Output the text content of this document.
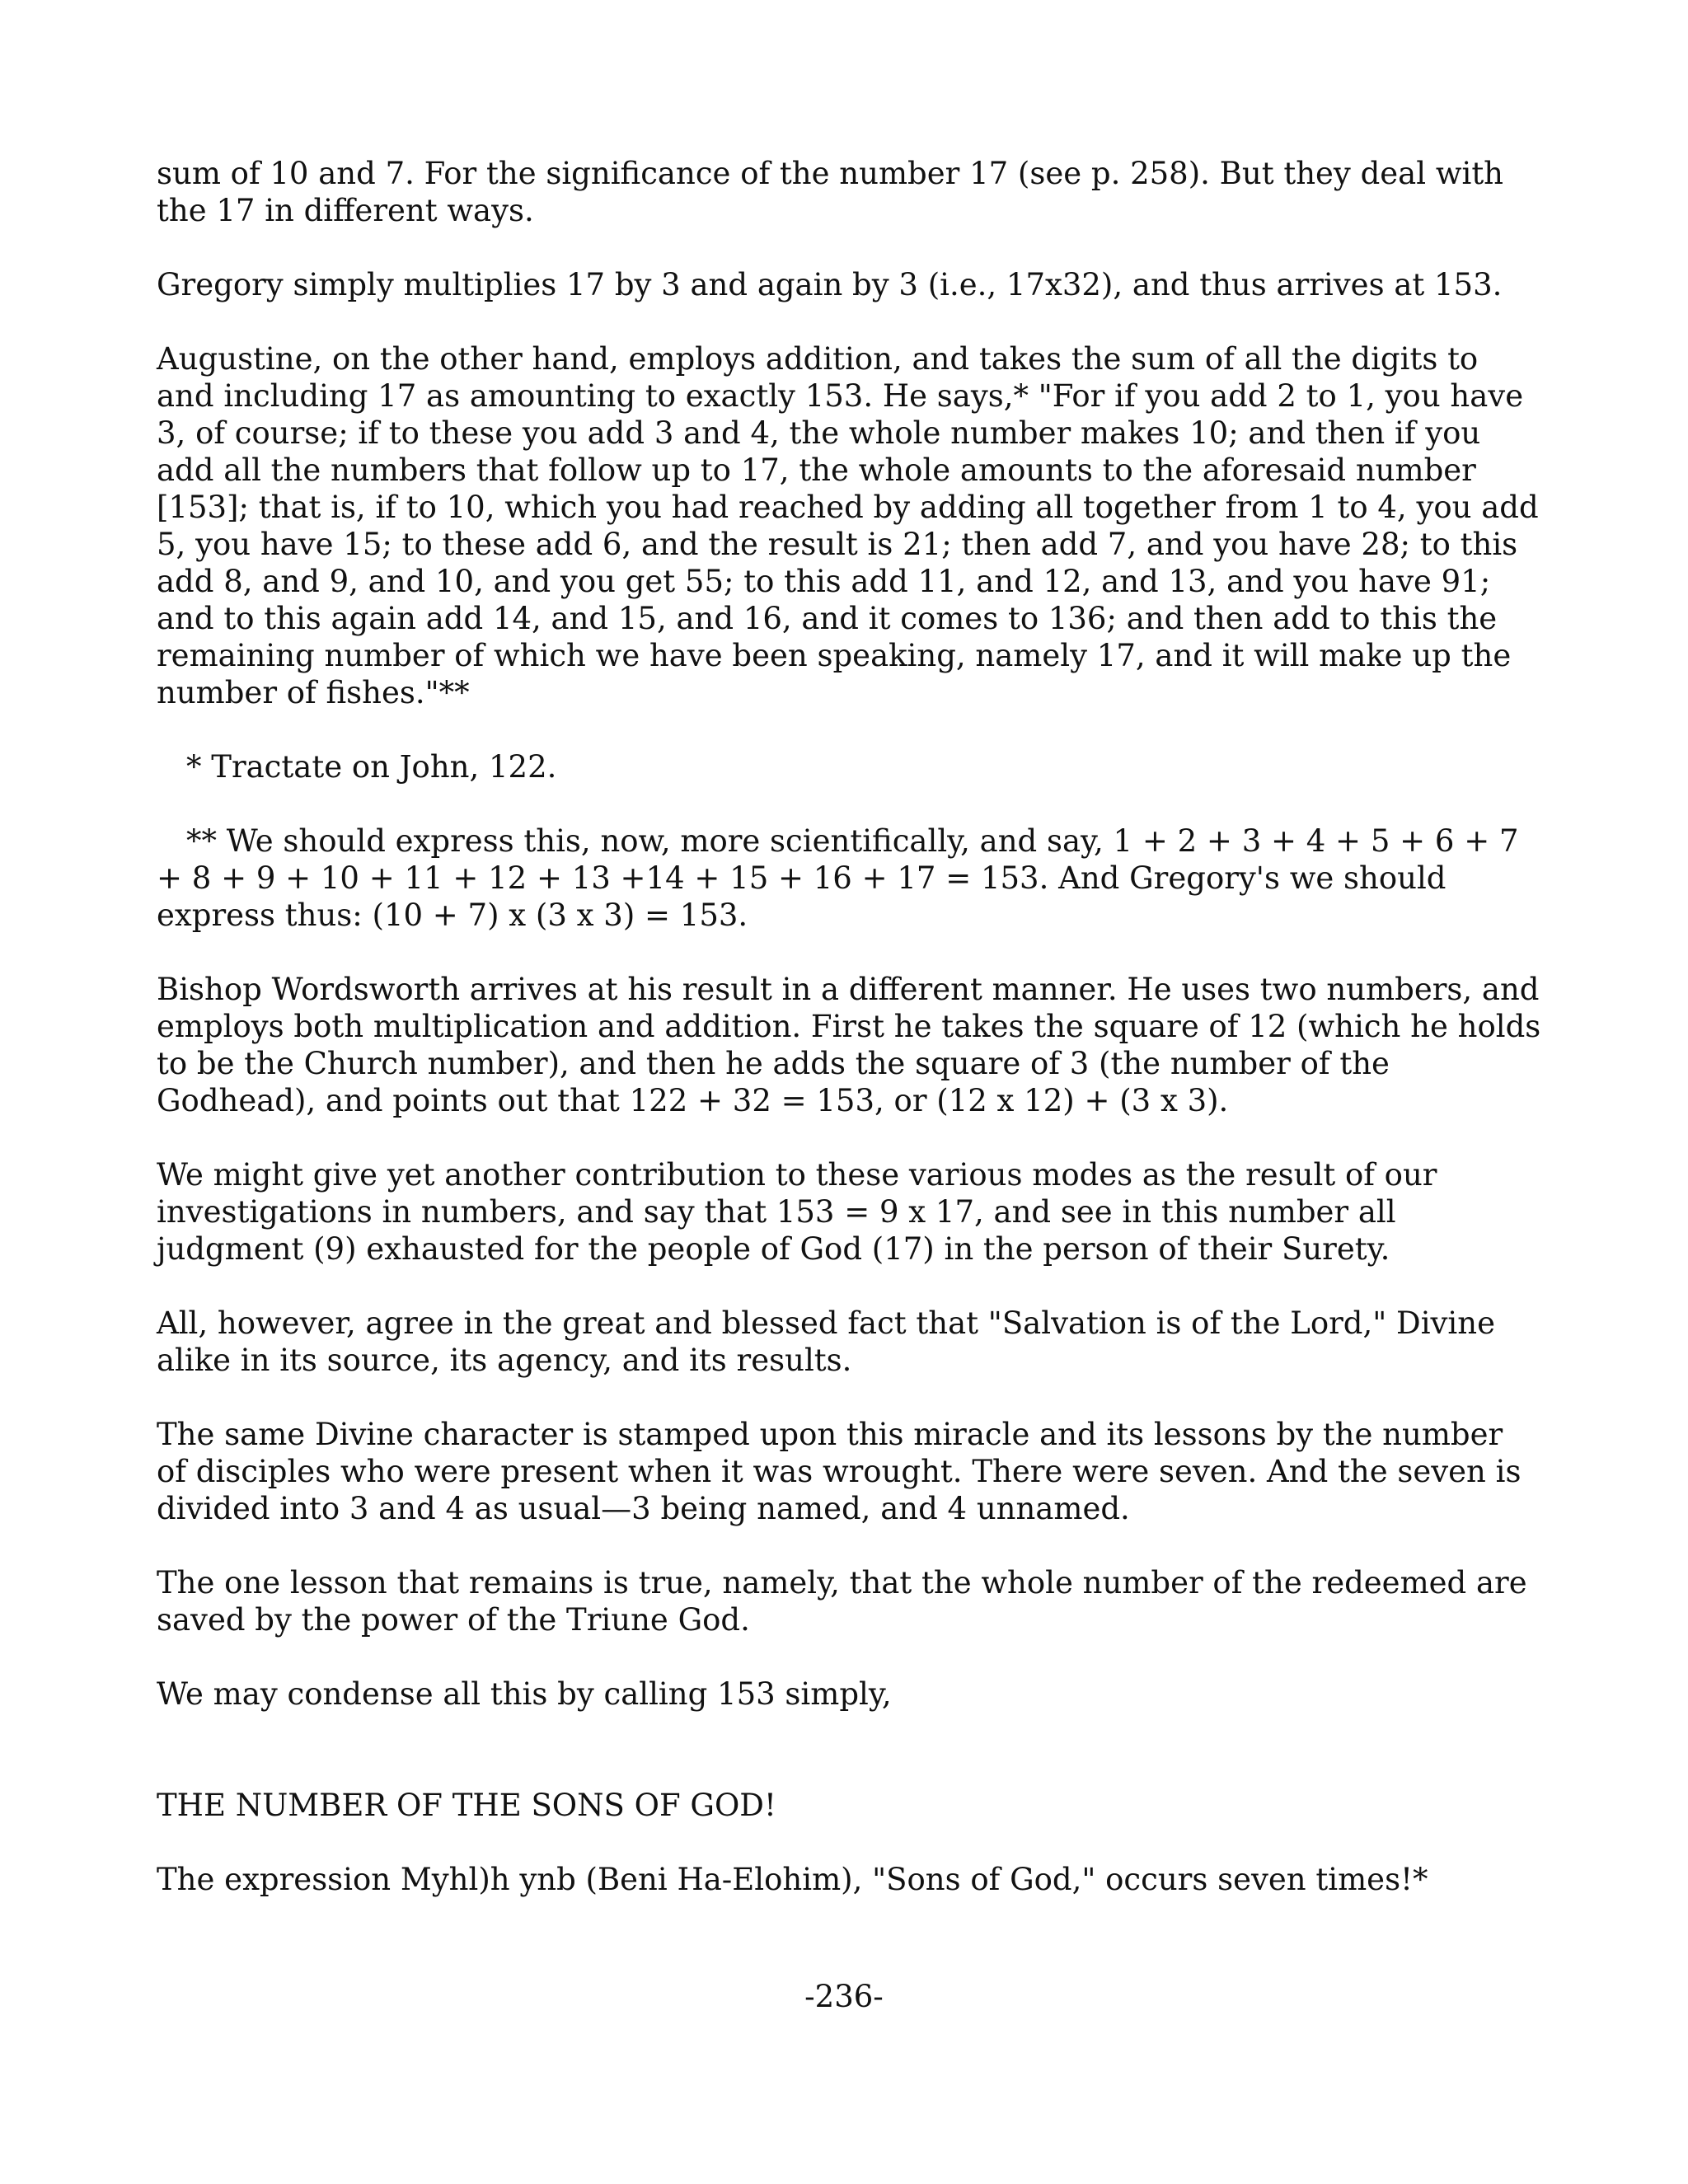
sum of 10 and 7. For the significance of the number 17 (see p. 258). But they deal with the 17 in different ways.

Gregory simply multiplies 17 by 3 and again by 3 (i.e., 17x32), and thus arrives at 153.

Augustine, on the other hand, employs addition, and takes the sum of all the digits to and including 17 as amounting to exactly 153. He says,* "For if you add 2 to 1, you have 3, of course; if to these you add 3 and 4, the whole number makes 10; and then if you add all the numbers that follow up to 17, the whole amounts to the aforesaid number [153]; that is, if to 10, which you had reached by adding all together from 1 to 4, you add 5, you have 15; to these add 6, and the result is 21; then add 7, and you have 28; to this add 8, and 9, and 10, and you get 55; to this add 11, and 12, and 13, and you have 91; and to this again add 14, and 15, and 16, and it comes to 136; and then add to this the remaining number of which we have been speaking, namely 17, and it will make up the number of fishes."**

* Tractate on John, 122.

** We should express this, now, more scientifically, and say, 1 + 2 + 3 + 4 + 5 + 6 + 7 + 8 + 9 + 10 + 11 + 12 + 13 +14 + 15 + 16 + 17 = 153. And Gregory's we should express thus: (10 + 7) x (3 x 3) = 153.

Bishop Wordsworth arrives at his result in a different manner. He uses two numbers, and employs both multiplication and addition. First he takes the square of 12 (which he holds to be the Church number), and then he adds the square of 3 (the number of the Godhead), and points out that 122 + 32 = 153, or (12 x 12) + (3 x 3).

We might give yet another contribution to these various modes as the result of our investigations in numbers, and say that 153 = 9 x 17, and see in this number all judgment (9) exhausted for the people of God (17) in the person of their Surety.

All, however, agree in the great and blessed fact that "Salvation is of the Lord," Divine alike in its source, its agency, and its results.

The same Divine character is stamped upon this miracle and its lessons by the number of disciples who were present when it was wrought. There were seven. And the seven is divided into 3 and 4 as usual—3 being named, and 4 unnamed.

The one lesson that remains is true, namely, that the whole number of the redeemed are saved by the power of the Triune God.

We may condense all this by calling 153 simply,

THE NUMBER OF THE SONS OF GOD!

The expression Myhl)h ynb (Beni Ha-Elohim), "Sons of God," occurs seven times!*

-236-
